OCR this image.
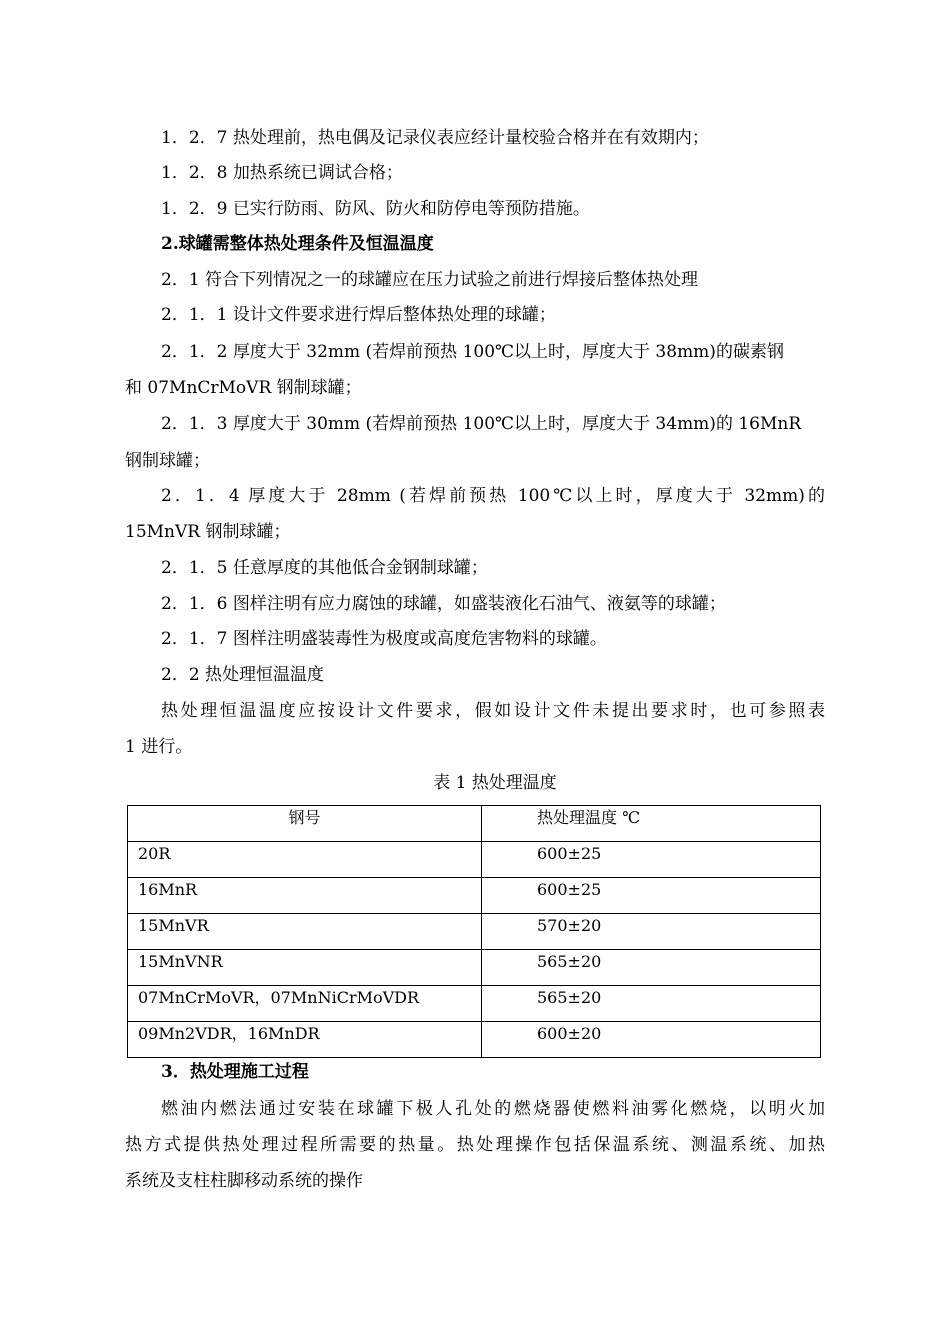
1．2．7 热处理前，热电偶及记录仪表应经计量校验合格并在有效期内；
1．2．8 加热系统已调试合格；
1．2．9 已实行防雨、防风、防火和防停电等预防措施。
2.球罐需整体热处理条件及恒温温度
2．1 符合下列情况之一的球罐应在压力试验之前进行焊接后整体热处理
2．1．1 设计文件要求进行焊后整体热处理的球罐；
2．1．2 厚度大于 32mm (若焊前预热 100℃以上时，厚度大于 38mm)的碳素钢
和 07MnCrMoVR 钢制球罐；
2．1．3 厚度大于 30mm (若焊前预热 100℃以上时，厚度大于 34mm)的 16MnR
钢制球罐；
2．1．4 厚度大于 28mm (若焊前预热 100℃以上时，厚度大于 32mm)的
15MnVR 钢制球罐；
2．1．5 任意厚度的其他低合金钢制球罐；
2．1．6 图样注明有应力腐蚀的球罐，如盛装液化石油气、液氨等的球罐；
2．1．7 图样注明盛装毒性为极度或高度危害物料的球罐。
2．2 热处理恒温温度
热处理恒温温度应按设计文件要求，假如设计文件未提出要求时，也可参照表
1 进行。
表 1 热处理温度
钢号	热处理温度 ℃
20R	600±25
16MnR	600±25
15MnVR	570±20
15MnVNR	565±20
07MnCrMoVR，07MnNiCrMoVDR	565±20
09Mn2VDR，16MnDR	600±20
3．热处理施工过程
燃油内燃法通过安装在球罐下极人孔处的燃烧器使燃料油雾化燃烧，以明火加
热方式提供热处理过程所需要的热量。热处理操作包括保温系统、测温系统、加热
系统及支柱柱脚移动系统的操作
